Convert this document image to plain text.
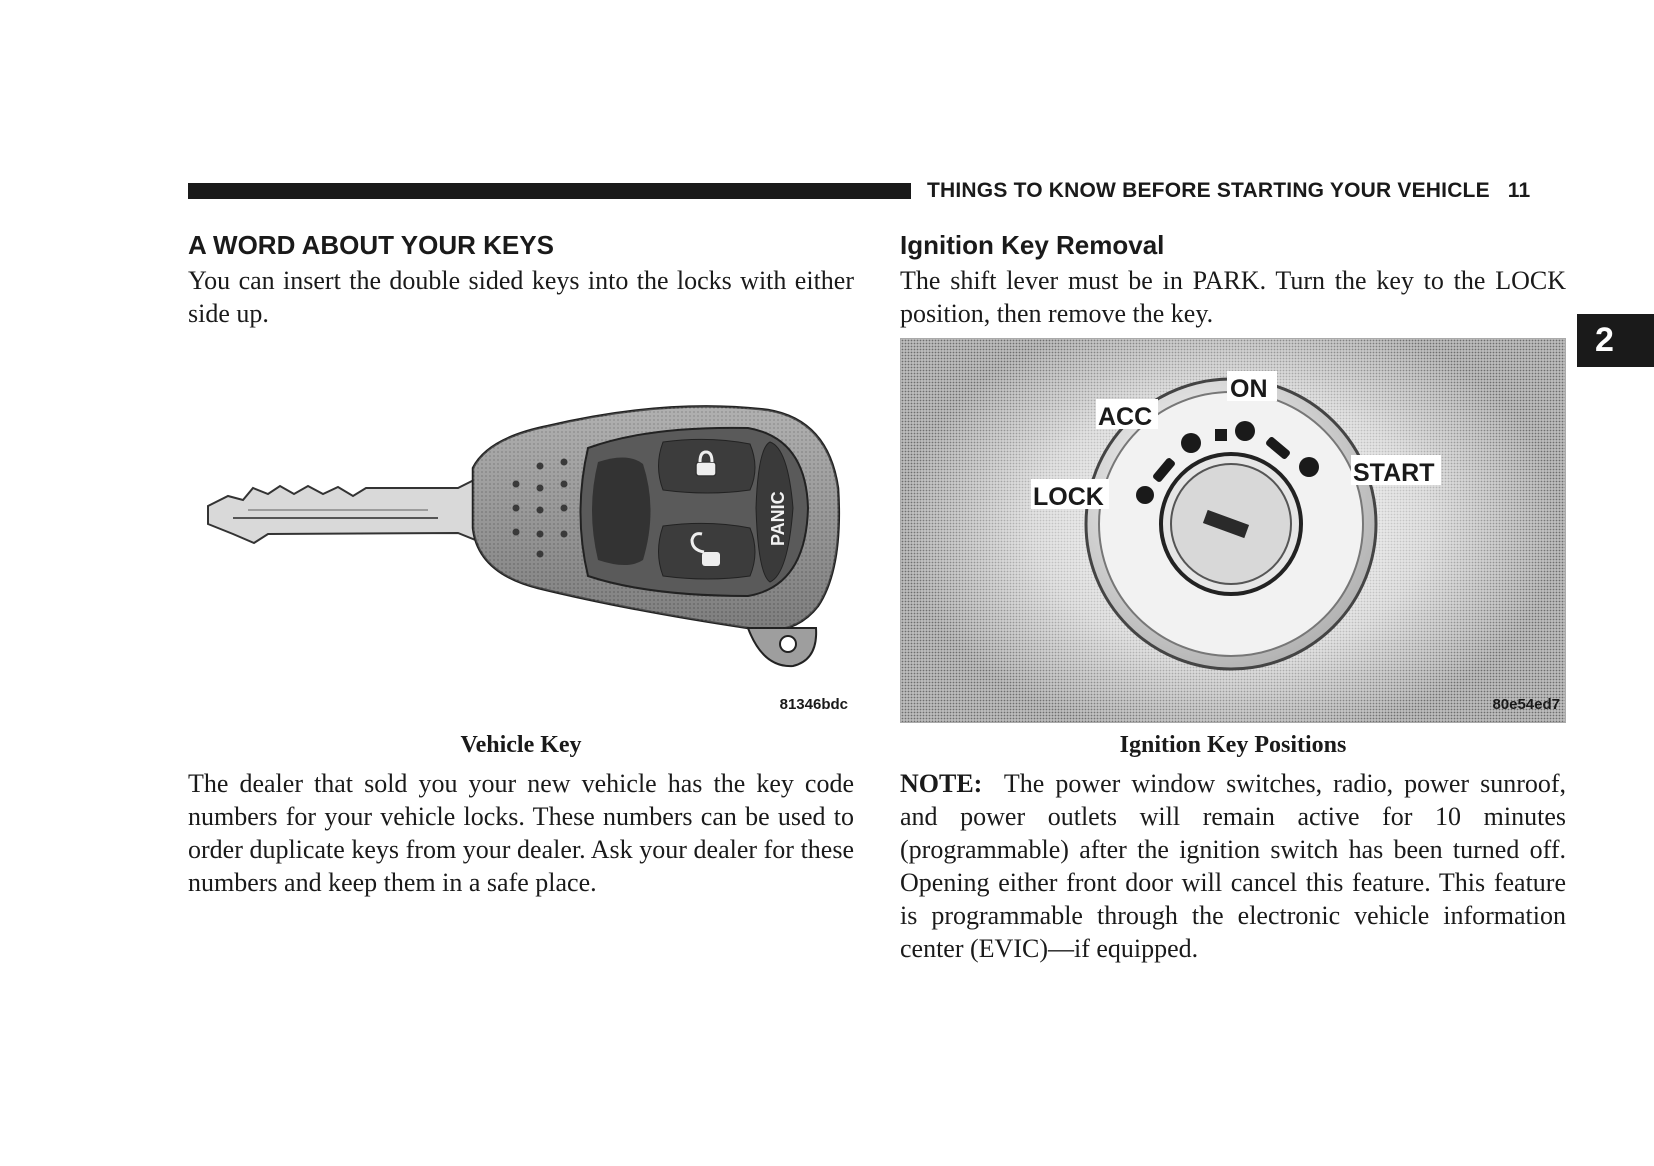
THINGS TO KNOW BEFORE STARTING YOUR VEHICLE 11
2
A WORD ABOUT YOUR KEYS

You can insert the double sided keys into the locks with either side up.

PANIC
81346bdc
Vehicle Key

The dealer that sold you your new vehicle has the key code numbers for your vehicle locks. These numbers can be used to order duplicate keys from your dealer. Ask your dealer for these numbers and keep them in a safe place.

Ignition Key Removal

The shift lever must be in PARK. Turn the key to the LOCK position, then remove the key.

ON
ACC
LOCK
START
80e54ed7
Ignition Key Positions

NOTE: The power window switches, radio, power sunroof, and power outlets will remain active for 10 minutes (programmable) after the ignition switch has been turned off. Opening either front door will cancel this feature. This feature is programmable through the electronic vehicle information center (EVIC)—if equipped.
